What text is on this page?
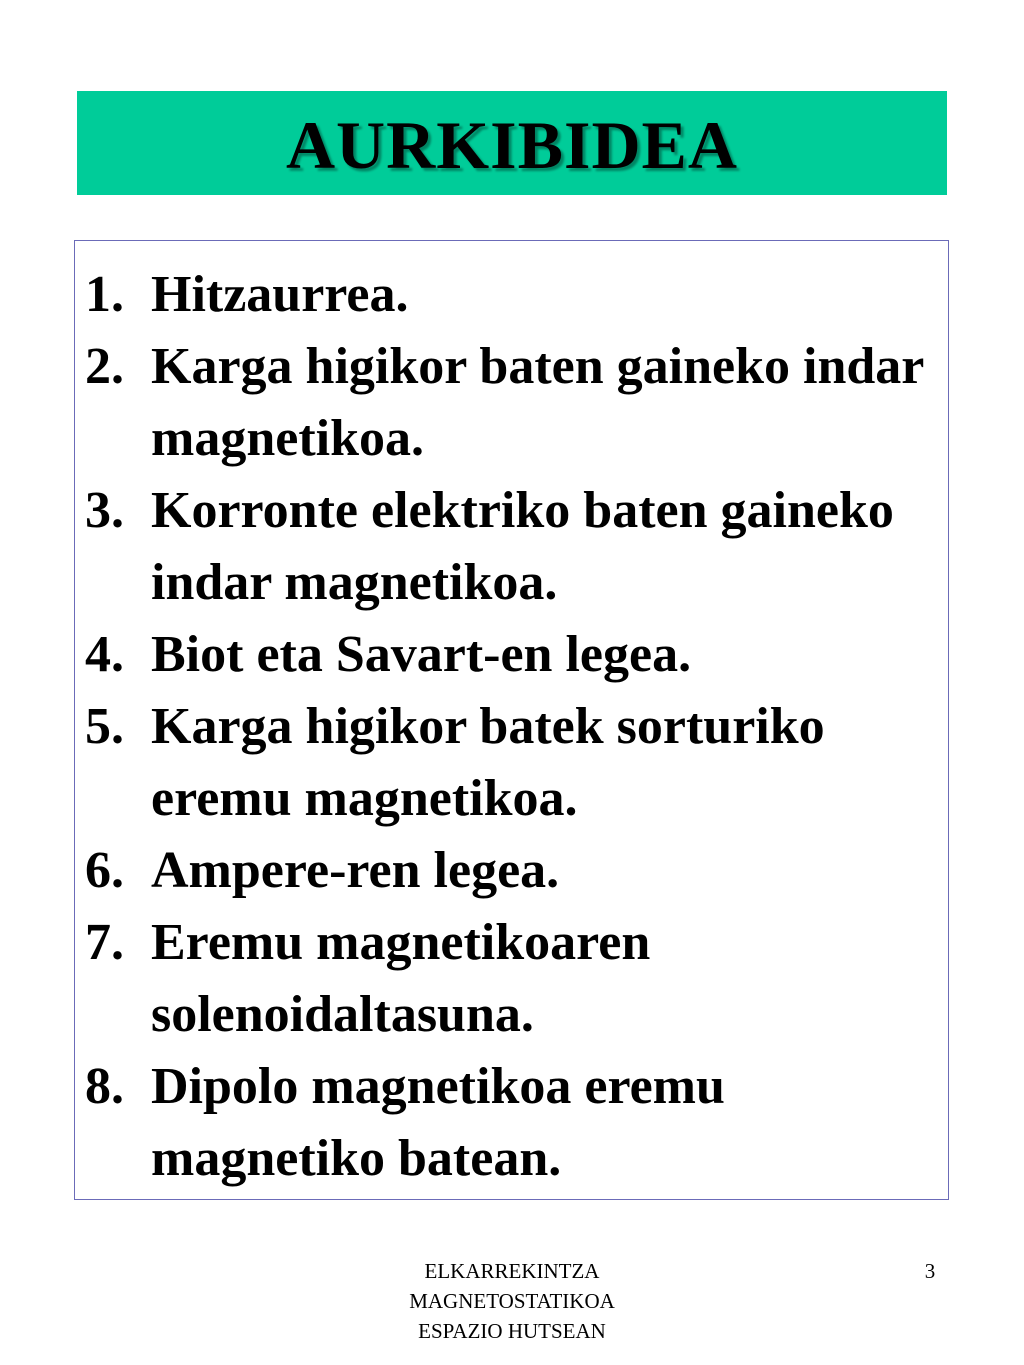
AURKIBIDEA
1. Hitzaurrea.
2. Karga higikor baten gaineko indar magnetikoa.
3. Korronte elektriko baten gaineko indar magnetikoa.
4. Biot eta Savart-en legea.
5. Karga higikor batek sorturiko eremu magnetikoa.
6. Ampere-ren legea.
7. Eremu magnetikoaren solenoidaltasuna.
8. Dipolo magnetikoa eremu magnetiko batean.
ELKARREKINTZA
MAGNETOSTATIKOA
ESPAZIO HUTSEAN
3
